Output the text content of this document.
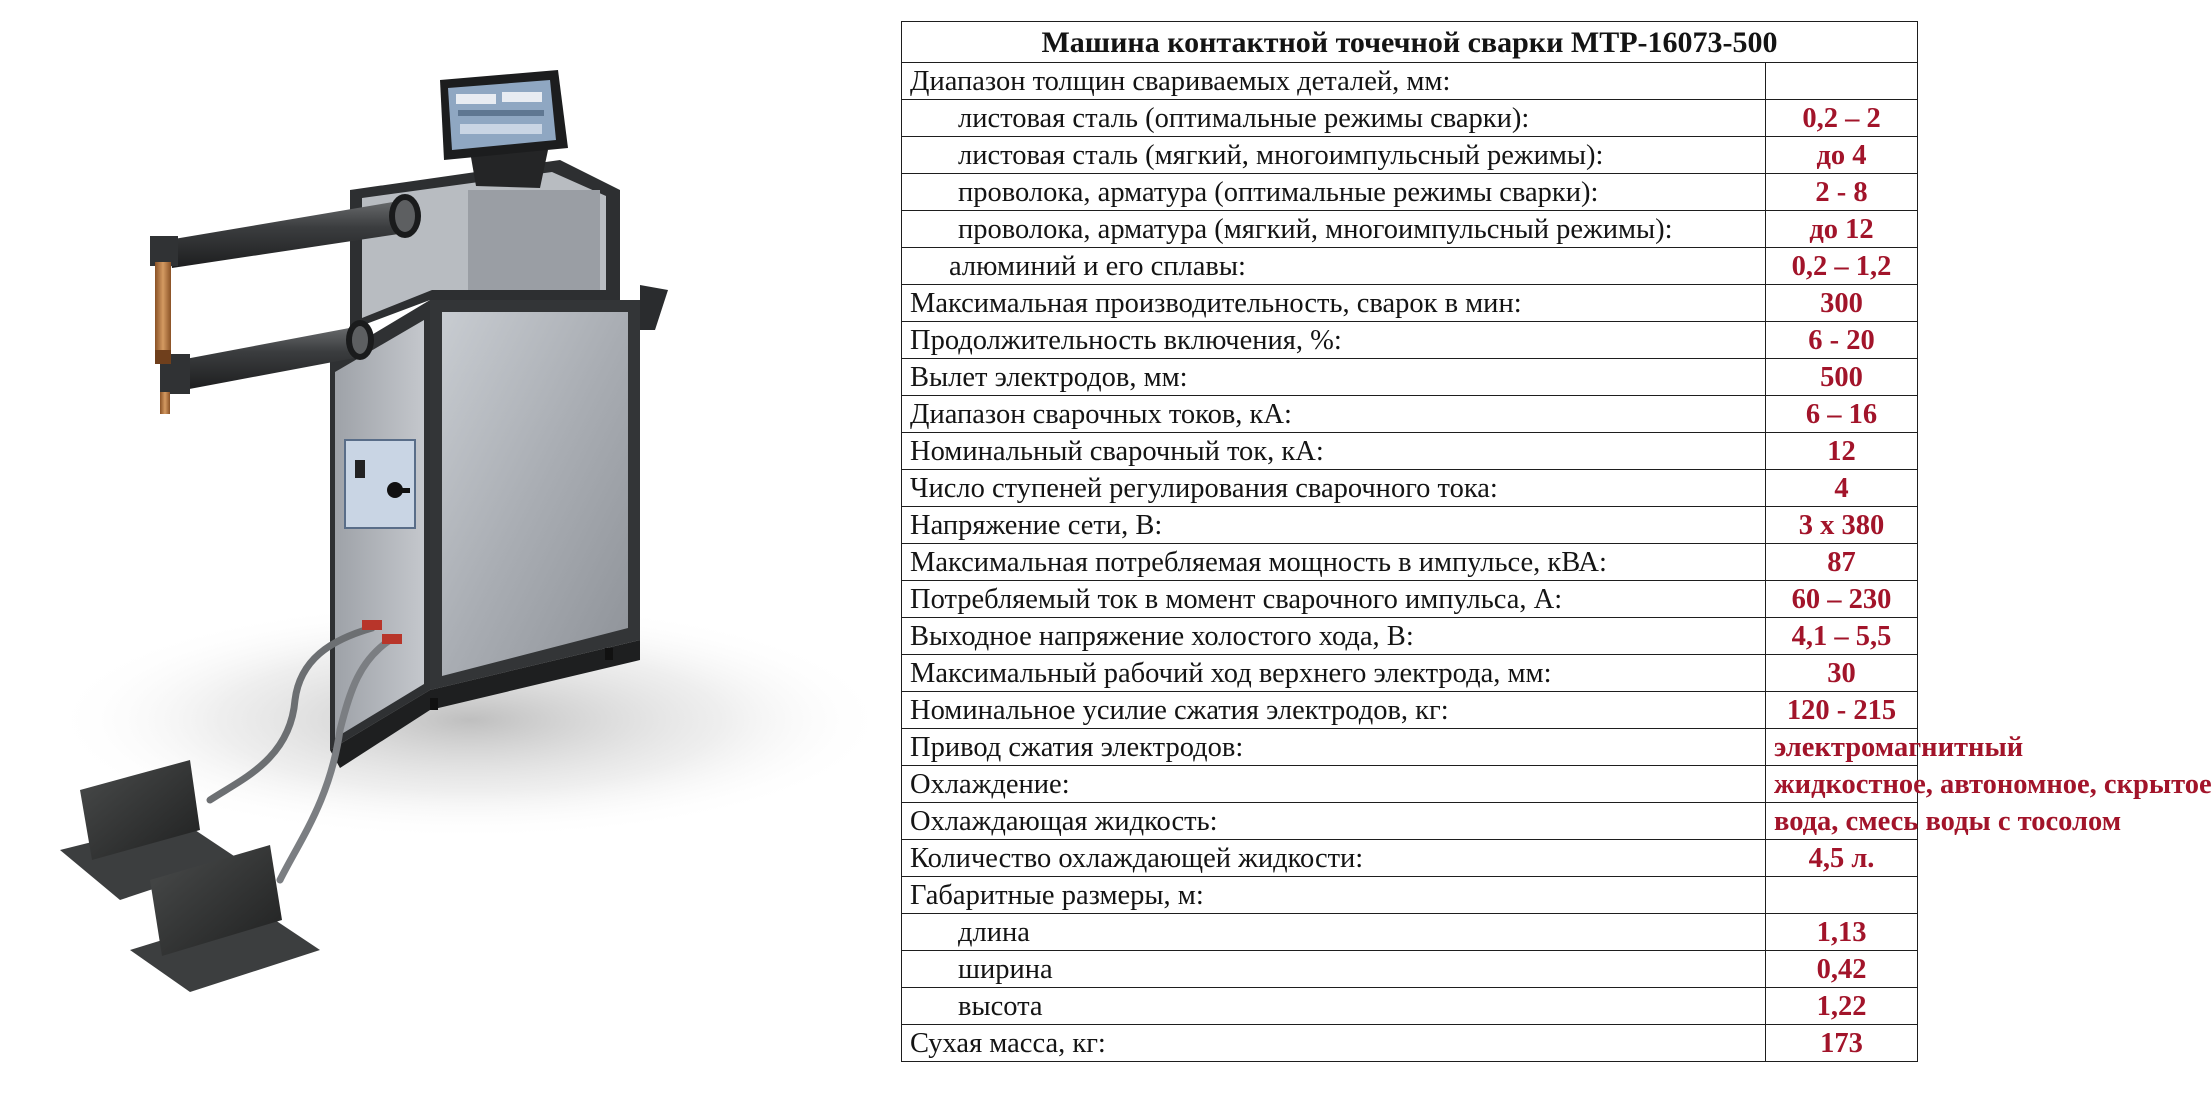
Машина контактной точечной сварки МТР-16073-500	
Диапазон толщин свариваемых деталей, мм:	
листовая сталь (оптимальные режимы сварки):	0,2 – 2
листовая сталь (мягкий, многоимпульсный режимы):	до 4
проволока, арматура (оптимальные режимы сварки):	2 - 8
проволока, арматура (мягкий, многоимпульсный режимы):	до 12
алюминий и его сплавы:	0,2 – 1,2
Максимальная производительность, сварок в мин:	300
Продолжительность включения, %:	6 - 20
Вылет электродов, мм:	500
Диапазон сварочных токов, кА:	6 – 16
Номинальный сварочный ток, кА:	12
Число ступеней регулирования сварочного тока:	4
Напряжение сети, В:	3 х 380
Максимальная потребляемая мощность в импульсе, кВА:	87
Потребляемый ток в момент сварочного импульса, А:	60 – 230
Выходное напряжение холостого хода, В:	4,1 – 5,5
Максимальный рабочий ход верхнего электрода, мм:	30
Номинальное усилие сжатия электродов, кг:	120 - 215
Привод сжатия электродов:	электромагнитный

Охлаждение:	жидкостное, автономное, скрытое

Охлаждающая жидкость:	вода, смесь воды с тосолом

Количество охлаждающей жидкости:	4,5 л.
Габаритные размеры, м:	
длина	1,13
ширина	0,42
высота	1,22
Сухая масса, кг:	173
